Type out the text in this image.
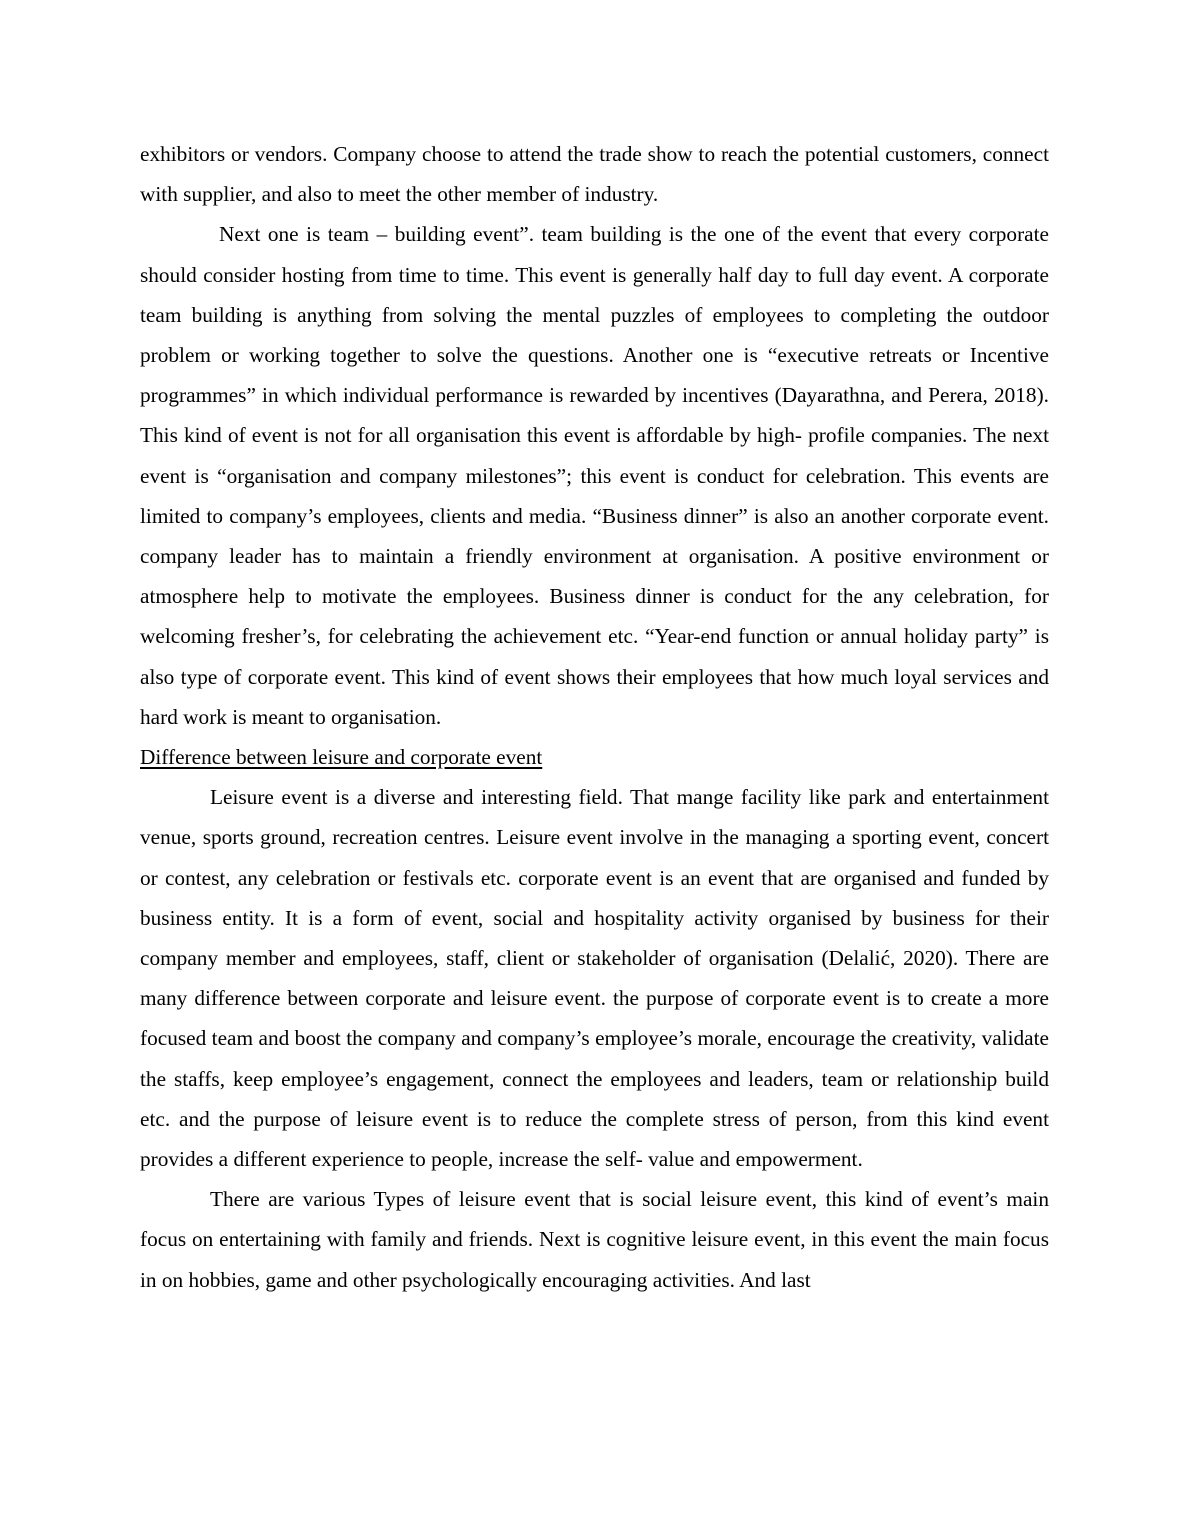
exhibitors or vendors. Company choose to attend the trade show to reach the potential customers, connect with supplier, and also to meet the other member of industry.

Next one is team – building event”. team building is the one of the event that every corporate should consider hosting from time to time. This event is generally half day to full day event. A corporate team building is anything from solving the mental puzzles of employees to completing the outdoor problem or working together to solve the questions. Another one is “executive retreats or Incentive programmes” in which individual performance is rewarded by incentives (Dayarathna, and Perera, 2018). This kind of event is not for all organisation this event is affordable by high- profile companies. The next event is “organisation and company milestones”; this event is conduct for celebration. This events are limited to company’s employees, clients and media. “Business dinner” is also an another corporate event. company leader has to maintain a friendly environment at organisation. A positive environment or atmosphere help to motivate the employees. Business dinner is conduct for the any celebration, for welcoming fresher’s, for celebrating the achievement etc. “Year-end function or annual holiday party” is also type of corporate event. This kind of event shows their employees that how much loyal services and hard work is meant to organisation.

Difference between leisure and corporate event

Leisure event is a diverse and interesting field. That mange facility like park and entertainment venue, sports ground, recreation centres. Leisure event involve in the managing a sporting event, concert or contest, any celebration or festivals etc. corporate event is an event that are organised and funded by business entity. It is a form of event, social and hospitality activity organised by business for their company member and employees, staff, client or stakeholder of organisation (Delalić, 2020). There are many difference between corporate and leisure event. the purpose of corporate event is to create a more focused team and boost the company and company’s employee’s morale, encourage the creativity, validate the staffs, keep employee’s engagement, connect the employees and leaders, team or relationship build etc. and the purpose of leisure event is to reduce the complete stress of person, from this kind event provides a different experience to people, increase the self- value and empowerment.

There are various Types of leisure event that is social leisure event, this kind of event’s main focus on entertaining with family and friends. Next is cognitive leisure event, in this event the main focus in on hobbies, game and other psychologically encouraging activities. And last
